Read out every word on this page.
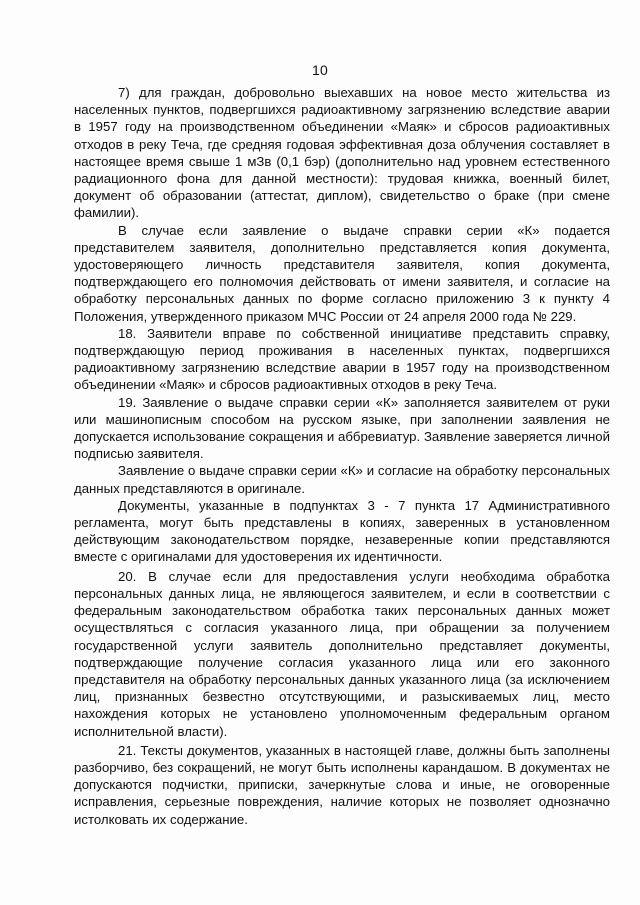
10

7) для граждан, добровольно выехавших на новое место жительства из населенных пунктов, подвергшихся радиоактивному загрязнению вследствие аварии в 1957 году на производственном объединении «Маяк» и сбросов радиоактивных отходов в реку Теча, где средняя годовая эффективная доза облучения составляет в настоящее время свыше 1 мЗв (0,1 бэр) (дополнительно над уровнем естественного радиационного фона для данной местности): трудовая книжка, военный билет, документ об образовании (аттестат, диплом), свидетельство о браке (при смене фамилии).

В случае если заявление о выдаче справки серии «К» подается представителем заявителя, дополнительно представляется копия документа, удостоверяющего личность представителя заявителя, копия документа, подтверждающего его полномочия действовать от имени заявителя, и согласие на обработку персональных данных по форме согласно приложению 3 к пункту 4 Положения, утвержденного приказом МЧС России от 24 апреля 2000 года № 229.

18. Заявители вправе по собственной инициативе представить справку, подтверждающую период проживания в населенных пунктах, подвергшихся радиоактивному загрязнению вследствие аварии в 1957 году на производственном объединении «Маяк» и сбросов радиоактивных отходов в реку Теча.

19. Заявление о выдаче справки серии «К» заполняется заявителем от руки или машинописным способом на русском языке, при заполнении заявления не допускается использование сокращения и аббревиатур. Заявление заверяется личной подписью заявителя.

Заявление о выдаче справки серии «К» и согласие на обработку персональных данных представляются в оригинале.

Документы, указанные в подпунктах 3 - 7 пункта 17 Административного регламента, могут быть представлены в копиях, заверенных в установленном действующим законодательством порядке, незаверенные копии представляются вместе с оригиналами для удостоверения их идентичности.

20. В случае если для предоставления услуги необходима обработка персональных данных лица, не являющегося заявителем, и если в соответствии с федеральным законодательством обработка таких персональных данных может осуществляться с согласия указанного лица, при обращении за получением государственной услуги заявитель дополнительно представляет документы, подтверждающие получение согласия указанного лица или его законного представителя на обработку персональных данных указанного лица (за исключением лиц, признанных безвестно отсутствующими, и разыскиваемых лиц, место нахождения которых не установлено уполномоченным федеральным органом исполнительной власти).

21. Тексты документов, указанных в настоящей главе, должны быть заполнены разборчиво, без сокращений, не могут быть исполнены карандашом. В документах не допускаются подчистки, приписки, зачеркнутые слова и иные, не оговоренные исправления, серьезные повреждения, наличие которых не позволяет однозначно истолковать их содержание.
